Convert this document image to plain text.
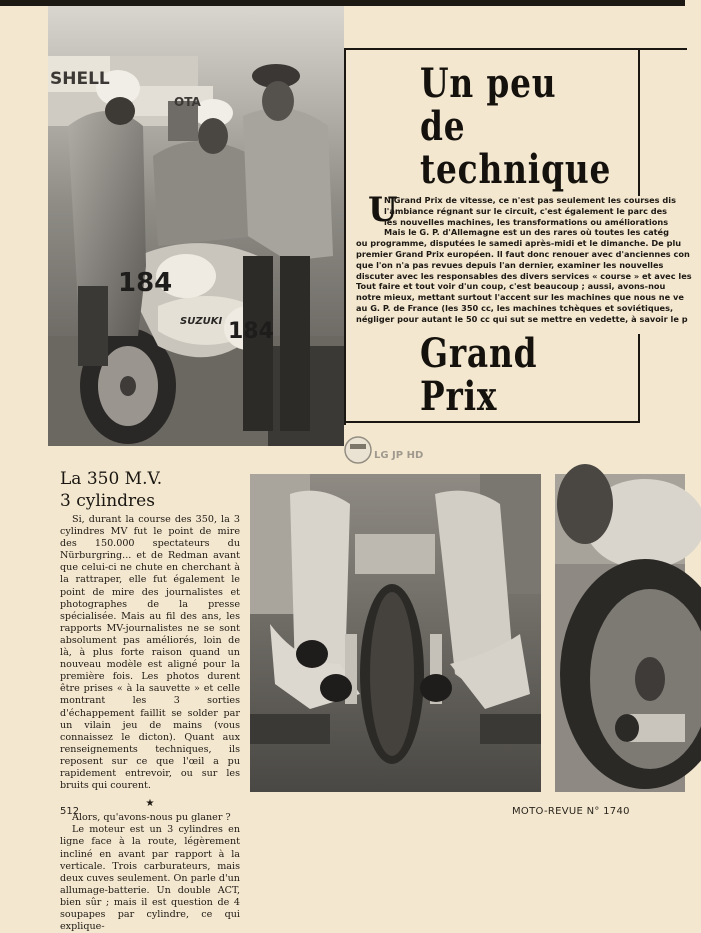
SHELL
OTA
184
184
SUZUKI
Un peu
de
technique
Grand
Prix
U
N Grand Prix de vitesse, ce n'est pas seulement les courses dis
l'ambiance régnant sur le circuit, c'est également le parc des
les nouvelles machines, les transformations ou améliorations
Mais le G. P. d'Allemagne est un des rares où toutes les catég
ou programme, disputées le samedi après-midi et le dimanche. De plu
premier Grand Prix européen. Il faut donc renouer avec d'anciennes con
que l'on n'a pas revues depuis l'an dernier, examiner les nouvelles
discuter avec les responsables des divers services « course » et avec les
Tout faire et tout voir d'un coup, c'est beaucoup ; aussi, avons-nou
notre mieux, mettant surtout l'accent sur les machines que nous ne ve
au G. P. de France (les 350 cc, les machines tchèques et soviétiques,
négliger pour autant le 50 cc qui sut se mettre en vedette, à savoir le p
LG JP HD
La 350 M.V.
3 cylindres

Si, durant la course des 350, la 3 cylindres MV fut le point de mire des 150.000 spectateurs du Nürburgring... et de Redman avant que celui-ci ne chute en cherchant à la rattraper, elle fut également le point de mire des journalistes et photographes de la presse spécialisée. Mais au fil des ans, les rapports MV-journalistes ne se sont absolument pas améliorés, loin de là, à plus forte raison quand un nouveau modèle est aligné pour la première fois. Les photos durent être prises « à la sauvette » et celle montrant les 3 sorties d'échappement faillit se solder par un vilain jeu de mains (vous connaissez le dicton). Quant aux renseignements techniques, ils reposent sur ce que l'œil a pu rapidement entrevoir, ou sur les bruits qui courent.

★

Alors, qu'avons-nous pu glaner ?

Le moteur est un 3 cylindres en ligne face à la route, légèrement incliné en avant par rapport à la verticale. Trois carburateurs, mais deux cuves seulement. On parle d'un allumage-batterie. Un double ACT, bien sûr ; mais il est question de 4 soupapes par cylindre, ce qui explique-

512	MOTO-REVUE N° 1740
